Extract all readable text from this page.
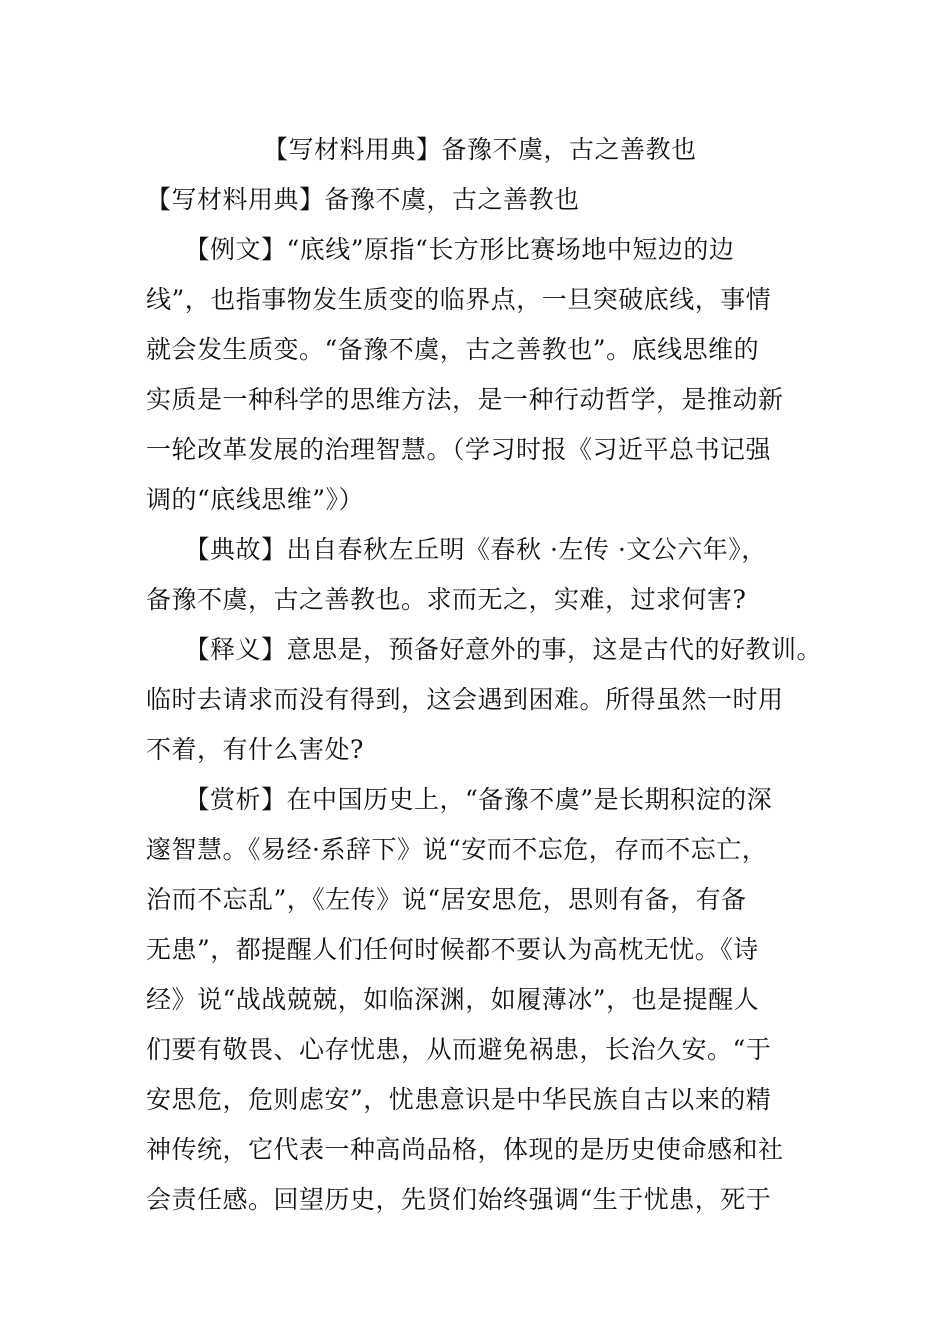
【写材料用典】备豫不虞，古之善教也
【写材料用典】备豫不虞，古之善教也
　　【例文】“底线”原指“长方形比赛场地中短边的边
线”，也指事物发生质变的临界点，一旦突破底线，事情
就会发生质变。“备豫不虞，古之善教也”。底线思维的
实质是一种科学的思维方法，是一种行动哲学，是推动新
一轮改革发展的治理智慧。（学习时报《习近平总书记强
调的“底线思维”》）
　　【典故】出自春秋左丘明《春秋 ·左传 ·文公六年》，
备豫不虞，古之善教也。求而无之，实难，过求何害?
　　【释义】意思是，预备好意外的事，这是古代的好教训。
临时去请求而没有得到，这会遇到困难。所得虽然一时用
不着，有什么害处?
　　【赏析】在中国历史上，“备豫不虞”是长期积淀的深
邃智慧。《易经·系辞下》说“安而不忘危，存而不忘亡，
治而不忘乱”，《左传》说“居安思危，思则有备，有备
无患”，都提醒人们任何时候都不要认为高枕无忧。《诗
经》说“战战兢兢，如临深渊，如履薄冰”，也是提醒人
们要有敬畏、心存忧患，从而避免祸患，长治久安。“于
安思危，危则虑安”，忧患意识是中华民族自古以来的精
神传统，它代表一种高尚品格，体现的是历史使命感和社
会责任感。回望历史，先贤们始终强调“生于忧患，死于
